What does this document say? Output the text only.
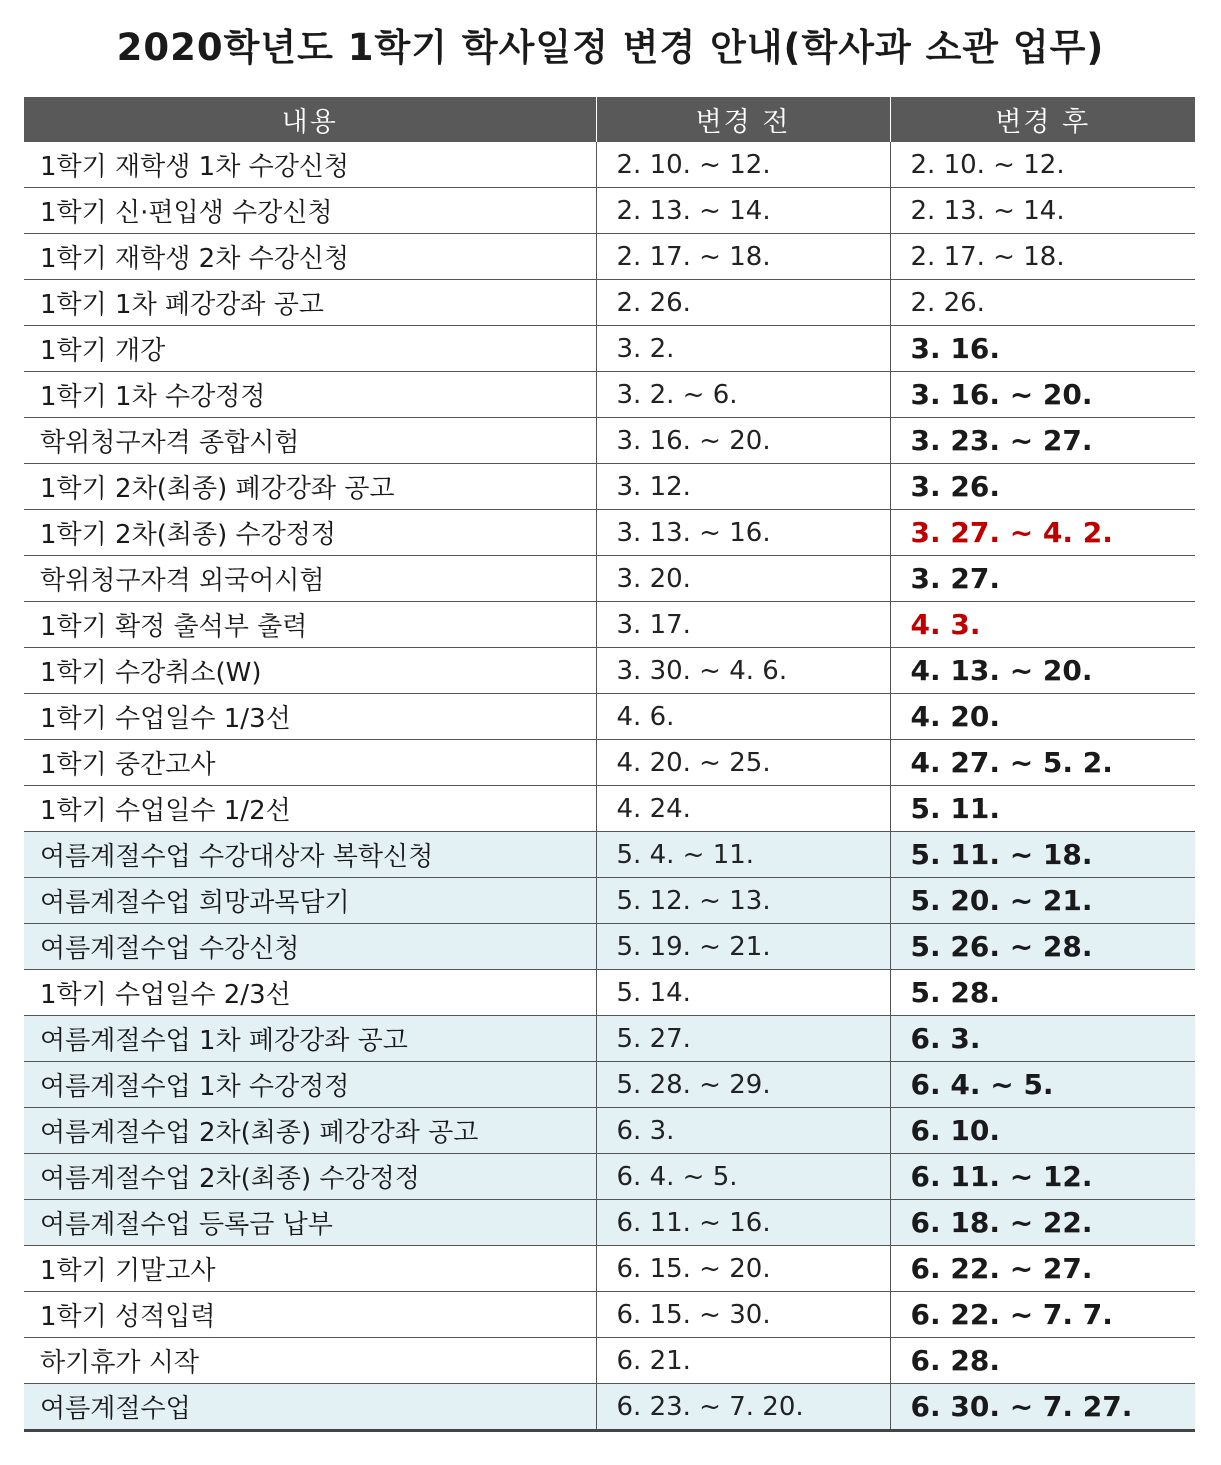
2020학년도 1학기 학사일정 변경 안내(학사과 소관 업무)
내용	변경 전	변경 후
1학기 재학생 1차 수강신청	2. 10. ~ 12.	2. 10. ~ 12.
1학기 신·편입생 수강신청	2. 13. ~ 14.	2. 13. ~ 14.
1학기 재학생 2차 수강신청	2. 17. ~ 18.	2. 17. ~ 18.
1학기 1차 폐강강좌 공고	2. 26.	2. 26.
1학기 개강	3. 2.	3. 16.
1학기 1차 수강정정	3. 2. ~ 6.	3. 16. ~ 20.
학위청구자격 종합시험	3. 16. ~ 20.	3. 23. ~ 27.
1학기 2차(최종) 폐강강좌 공고	3. 12.	3. 26.
1학기 2차(최종) 수강정정	3. 13. ~ 16.	3. 27. ~ 4. 2.
학위청구자격 외국어시험	3. 20.	3. 27.
1학기 확정 출석부 출력	3. 17.	4. 3.
1학기 수강취소(W)	3. 30. ~ 4. 6.	4. 13. ~ 20.
1학기 수업일수 1/3선	4. 6.	4. 20.
1학기 중간고사	4. 20. ~ 25.	4. 27. ~ 5. 2.
1학기 수업일수 1/2선	4. 24.	5. 11.
여름계절수업 수강대상자 복학신청	5. 4. ~ 11.	5. 11. ~ 18.
여름계절수업 희망과목담기	5. 12. ~ 13.	5. 20. ~ 21.
여름계절수업 수강신청	5. 19. ~ 21.	5. 26. ~ 28.
1학기 수업일수 2/3선	5. 14.	5. 28.
여름계절수업 1차 폐강강좌 공고	5. 27.	6. 3.
여름계절수업 1차 수강정정	5. 28. ~ 29.	6. 4. ~ 5.
여름계절수업 2차(최종) 폐강강좌 공고	6. 3.	6. 10.
여름계절수업 2차(최종) 수강정정	6. 4. ~ 5.	6. 11. ~ 12.
여름계절수업 등록금 납부	6. 11. ~ 16.	6. 18. ~ 22.
1학기 기말고사	6. 15. ~ 20.	6. 22. ~ 27.
1학기 성적입력	6. 15. ~ 30.	6. 22. ~ 7. 7.
하기휴가 시작	6. 21.	6. 28.
여름계절수업	6. 23. ~ 7. 20.	6. 30. ~ 7. 27.
